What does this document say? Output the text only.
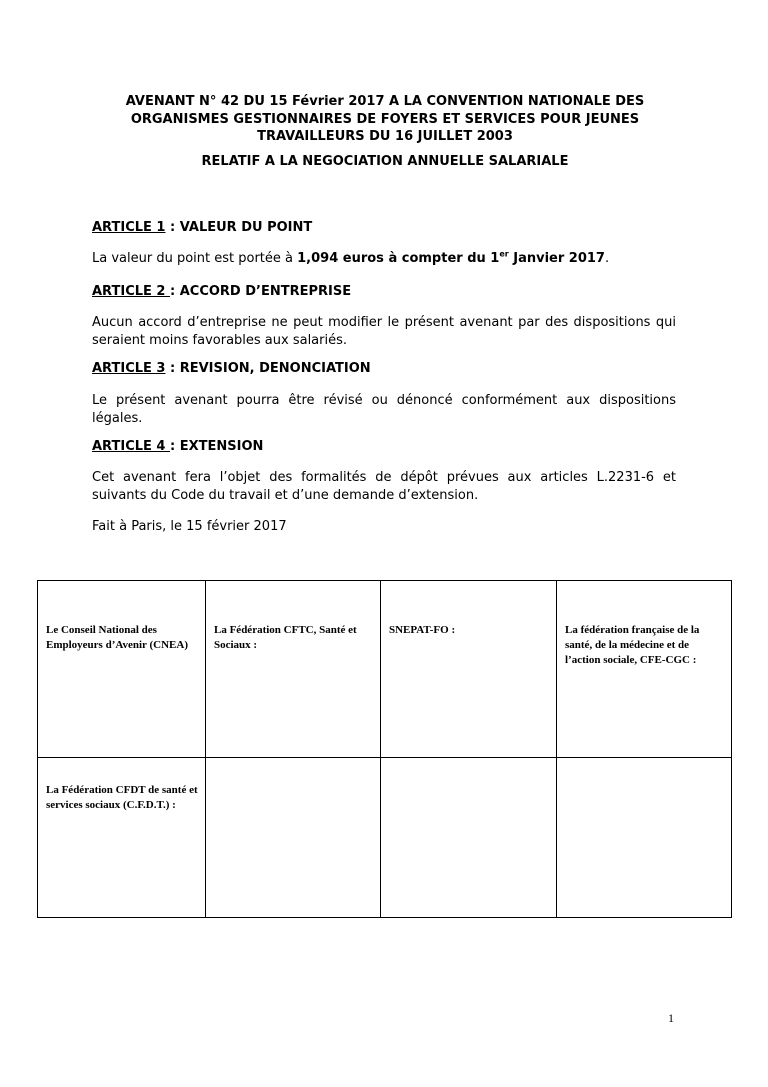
AVENANT N° 42 DU 15 Février 2017 A LA CONVENTION NATIONALE DES
ORGANISMES GESTIONNAIRES DE FOYERS ET SERVICES POUR JEUNES
TRAVAILLEURS DU 16 JUILLET 2003
RELATIF A LA NEGOCIATION ANNUELLE SALARIALE
ARTICLE 1 : VALEUR DU POINT
La valeur du point est portée à 1,094 euros à compter du 1er Janvier 2017.
ARTICLE 2 : ACCORD D’ENTREPRISE
Aucun accord d’entreprise ne peut modifier le présent avenant par des dispositions qui seraient moins favorables aux salariés.
ARTICLE 3 : REVISION, DENONCIATION
Le présent avenant pourra être révisé ou dénoncé conformément aux dispositions légales.
ARTICLE 4 : EXTENSION
Cet avenant fera l’objet des formalités de dépôt prévues aux articles L.2231-6 et suivants du Code du travail et d’une demande d’extension.
Fait à Paris, le 15 février 2017
Le Conseil National des Employeurs d’Avenir (CNEA)	La Fédération CFTC, Santé et Sociaux :	SNEPAT-FO :	La fédération française de la santé, de la médecine et de l’action sociale, CFE-CGC :
La Fédération CFDT de santé et services sociaux (C.F.D.T.) :			
1
